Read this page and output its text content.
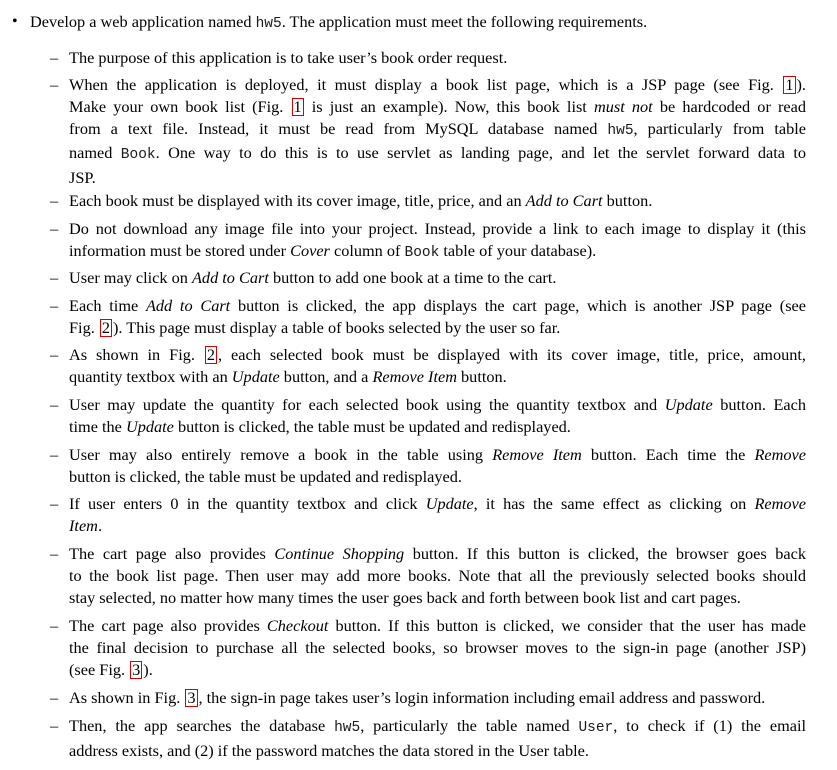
• Develop a web application named hw5. The application must meet the following requirements.
– The purpose of this application is to take user’s book order request.
– When the application is deployed, it must display a book list page, which is a JSP page (see Fig. 1 ).
Make your own book list (Fig. 1 is just an example). Now, this book list must not be hardcoded or read
from a text file. Instead, it must be read from MySQL database named hw5, particularly from table
named Book. One way to do this is to use servlet as landing page, and let the servlet forward data to
JSP.
– Each book must be displayed with its cover image, title, price, and an Add to Cart button.
– Do not download any image file into your project. Instead, provide a link to each image to display it (this
information must be stored under Cover column of Book table of your database).
– User may click on Add to Cart button to add one book at a time to the cart.
– Each time Add to Cart button is clicked, the app displays the cart page, which is another JSP page (see
Fig. 2 ). This page must display a table of books selected by the user so far.
– As shown in Fig. 2 , each selected book must be displayed with its cover image, title, price, amount,
quantity textbox with an Update button, and a Remove Item button.
– User may update the quantity for each selected book using the quantity textbox and Update button. Each
time the Update button is clicked, the table must be updated and redisplayed.
– User may also entirely remove a book in the table using Remove Item button. Each time the Remove
button is clicked, the table must be updated and redisplayed.
– If user enters 0 in the quantity textbox and click Update, it has the same effect as clicking on Remove
Item.
– The cart page also provides Continue Shopping button. If this button is clicked, the browser goes back
to the book list page. Then user may add more books. Note that all the previously selected books should
stay selected, no matter how many times the user goes back and forth between book list and cart pages.
– The cart page also provides Checkout button. If this button is clicked, we consider that the user has made
the final decision to purchase all the selected books, so browser moves to the sign-in page (another JSP)
(see Fig. 3 ).
– As shown in Fig. 3 , the sign-in page takes user’s login information including email address and password.
– Then, the app searches the database hw5, particularly the table named User, to check if (1) the email
address exists, and (2) if the password matches the data stored in the User table.
